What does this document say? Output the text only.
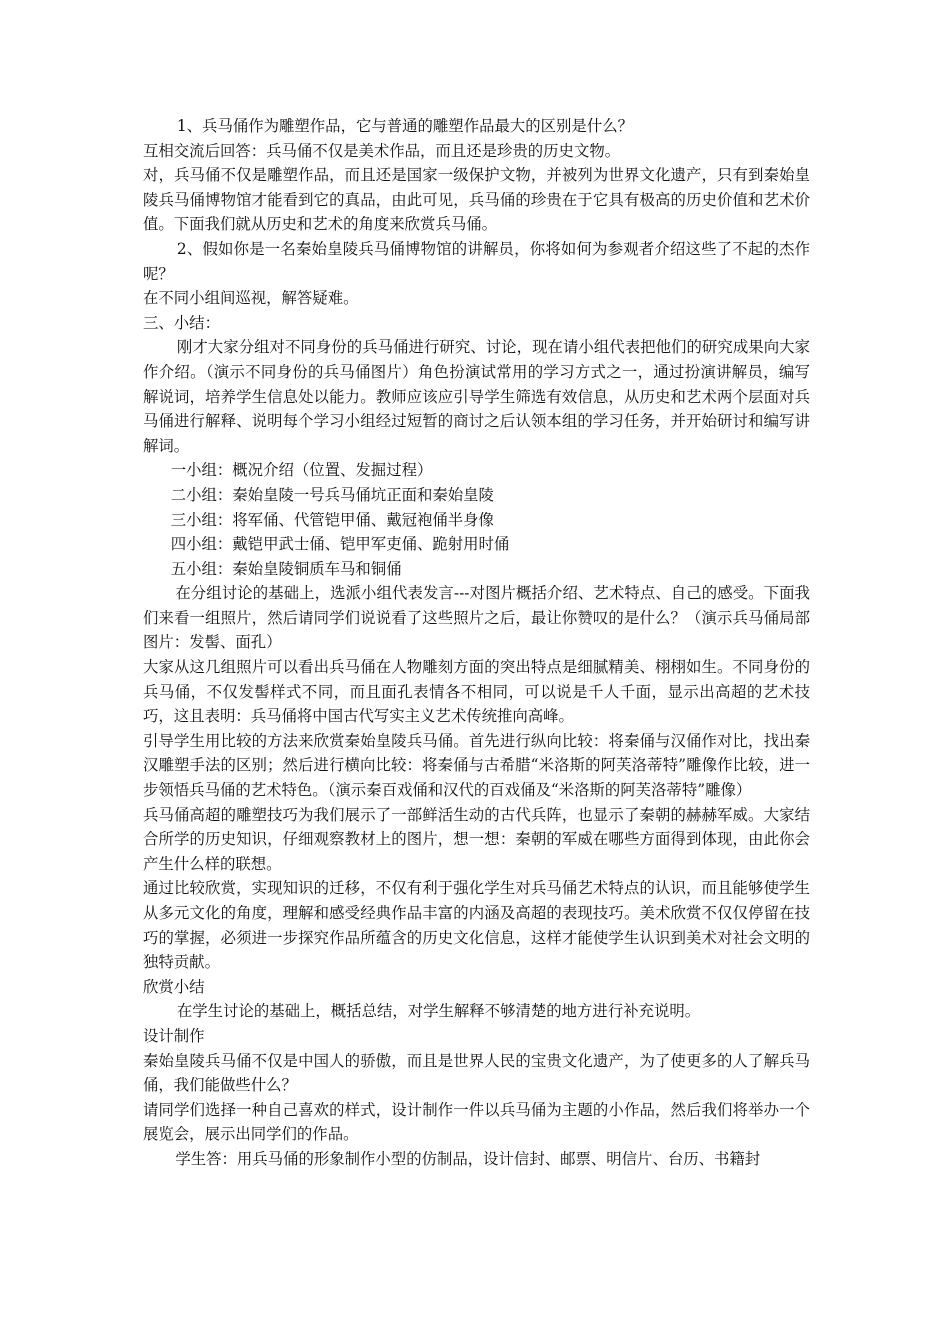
1、兵马俑作为雕塑作品，它与普通的雕塑作品最大的区别是什么？

互相交流后回答：兵马俑不仅是美术作品，而且还是珍贵的历史文物。

对，兵马俑不仅是雕塑作品，而且还是国家一级保护文物，并被列为世界文化遗产，只有到秦始皇陵兵马俑博物馆才能看到它的真品，由此可见，兵马俑的珍贵在于它具有极高的历史价值和艺术价值。下面我们就从历史和艺术的角度来欣赏兵马俑。

2、假如你是一名秦始皇陵兵马俑博物馆的讲解员，你将如何为参观者介绍这些了不起的杰作呢？

在不同小组间巡视，解答疑难。

三、小结：

刚才大家分组对不同身份的兵马俑进行研究、讨论，现在请小组代表把他们的研究成果向大家作介绍。（演示不同身份的兵马俑图片）角色扮演试常用的学习方式之一，通过扮演讲解员，编写解说词，培养学生信息处以能力。教师应该应引导学生筛选有效信息，从历史和艺术两个层面对兵马俑进行解释、说明每个学习小组经过短暂的商讨之后认领本组的学习任务，并开始研讨和编写讲解词。

一小组：概况介绍（位置、发掘过程）

二小组：秦始皇陵一号兵马俑坑正面和秦始皇陵

三小组：将军俑、代管铠甲俑、戴冠袍俑半身像

四小组：戴铠甲武士俑、铠甲军吏俑、跪射用时俑

五小组：秦始皇陵铜质车马和铜俑

在分组讨论的基础上，选派小组代表发言---对图片概括介绍、艺术特点、自己的感受。下面我们来看一组照片，然后请同学们说说看了这些照片之后，最让你赞叹的是什么？（演示兵马俑局部图片：发髻、面孔）

大家从这几组照片可以看出兵马俑在人物雕刻方面的突出特点是细腻精美、栩栩如生。不同身份的兵马俑，不仅发髻样式不同，而且面孔表情各不相同，可以说是千人千面，显示出高超的艺术技巧，这且表明：兵马俑将中国古代写实主义艺术传统推向高峰。

引导学生用比较的方法来欣赏秦始皇陵兵马俑。首先进行纵向比较：将秦俑与汉俑作对比，找出秦汉雕塑手法的区别；然后进行横向比较：将秦俑与古希腊“米洛斯的阿芙洛蒂特”雕像作比较，进一步领悟兵马俑的艺术特色。（演示秦百戏俑和汉代的百戏俑及“米洛斯的阿芙洛蒂特”雕像）

兵马俑高超的雕塑技巧为我们展示了一部鲜活生动的古代兵阵，也显示了秦朝的赫赫军威。大家结合所学的历史知识，仔细观察教材上的图片，想一想：秦朝的军威在哪些方面得到体现，由此你会产生什么样的联想。

通过比较欣赏，实现知识的迁移，不仅有利于强化学生对兵马俑艺术特点的认识，而且能够使学生从多元文化的角度，理解和感受经典作品丰富的内涵及高超的表现技巧。美术欣赏不仅仅停留在技巧的掌握，必须进一步探究作品所蕴含的历史文化信息，这样才能使学生认识到美术对社会文明的独特贡献。

欣赏小结

在学生讨论的基础上，概括总结，对学生解释不够清楚的地方进行补充说明。

设计制作

秦始皇陵兵马俑不仅是中国人的骄傲，而且是世界人民的宝贵文化遗产，为了使更多的人了解兵马俑，我们能做些什么？

请同学们选择一种自己喜欢的样式，设计制作一件以兵马俑为主题的小作品，然后我们将举办一个展览会，展示出同学们的作品。

学生答：用兵马俑的形象制作小型的仿制品，设计信封、邮票、明信片、台历、书籍封
